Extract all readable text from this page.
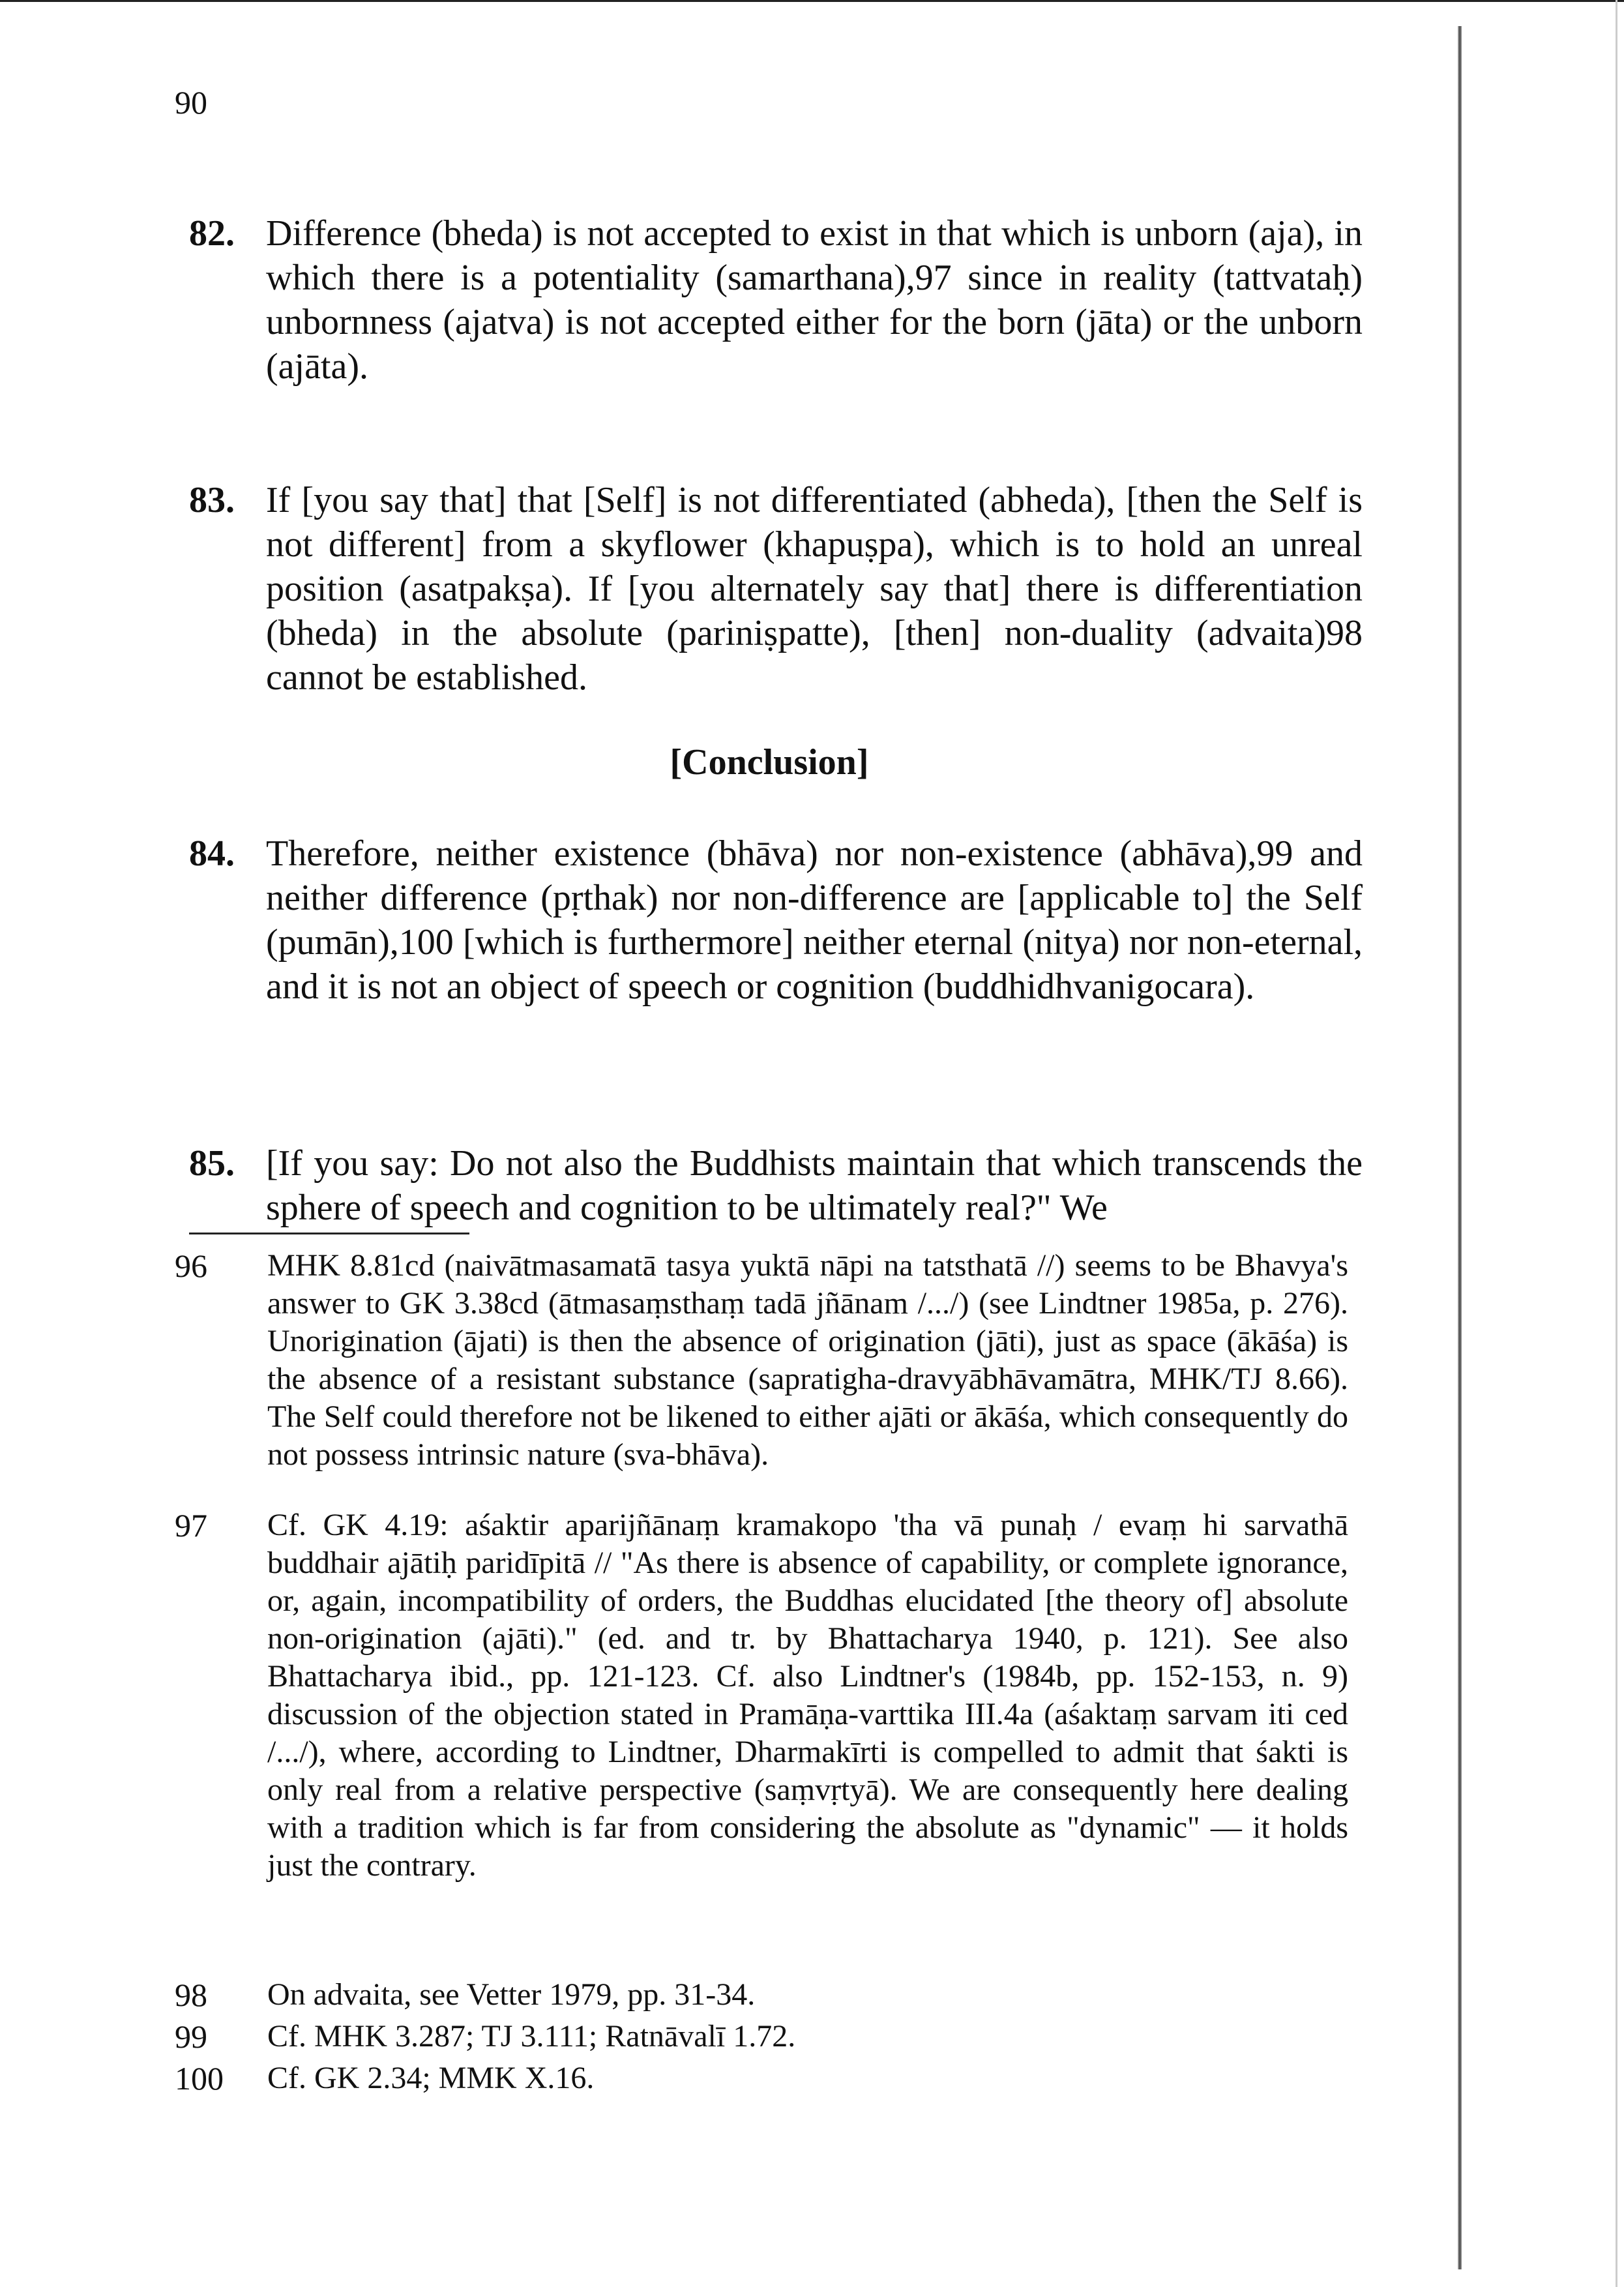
90
82. Difference (bheda) is not accepted to exist in that which is unborn (aja), in which there is a potentiality (samarthana),97 since in reality (tattvataḥ) unbornness (ajatva) is not accepted either for the born (jāta) or the unborn (ajāta).
83. If [you say that] that [Self] is not differentiated (abheda), [then the Self is not different] from a skyflower (khapuṣpa), which is to hold an unreal position (asatpakṣa). If [you alternately say that] there is differentiation (bheda) in the absolute (pariniṣpatte), [then] non-duality (advaita)98 cannot be established.
[Conclusion]
84. Therefore, neither existence (bhāva) nor non-existence (abhāva),99 and neither difference (pṛthak) nor non-difference are [applicable to] the Self (pumān),100 [which is furthermore] neither eternal (nitya) nor non-eternal, and it is not an object of speech or cognition (buddhidhvanigocara).
85. [If you say: Do not also the Buddhists maintain that which transcends the sphere of speech and cognition to be ultimately real?" We
96 MHK 8.81cd (naivātmasamatā tasya yuktā nāpi na tatsthatā //) seems to be Bhavya's answer to GK 3.38cd (ātmasaṃsthaṃ tadā jñānam /.../) (see Lindtner 1985a, p. 276). Unorigination (ājati) is then the absence of origination (jāti), just as space (ākāśa) is the absence of a resistant substance (sapratigha-dravyābhāvamātra, MHK/TJ 8.66). The Self could therefore not be likened to either ajāti or ākāśa, which consequently do not possess intrinsic nature (sva-bhāva).
97 Cf. GK 4.19: aśaktir aparijñānaṃ kramakopo 'tha vā punaḥ / evaṃ hi sarvathā buddhair ajātiḥ paridīpitā // "As there is absence of capability, or complete ignorance, or, again, incompatibility of orders, the Buddhas elucidated [the theory of] absolute non-origination (ajāti)." (ed. and tr. by Bhattacharya 1940, p. 121). See also Bhattacharya ibid., pp. 121-123. Cf. also Lindtner's (1984b, pp. 152-153, n. 9) discussion of the objection stated in Pramāṇa-varttika III.4a (aśaktaṃ sarvam iti ced /.../), where, according to Lindtner, Dharmakīrti is compelled to admit that śakti is only real from a relative perspective (saṃvṛtyā). We are consequently here dealing with a tradition which is far from considering the absolute as "dynamic" — it holds just the contrary.
98 On advaita, see Vetter 1979, pp. 31-34.
99 Cf. MHK 3.287; TJ 3.111; Ratnāvalī 1.72.
100 Cf. GK 2.34; MMK X.16.
